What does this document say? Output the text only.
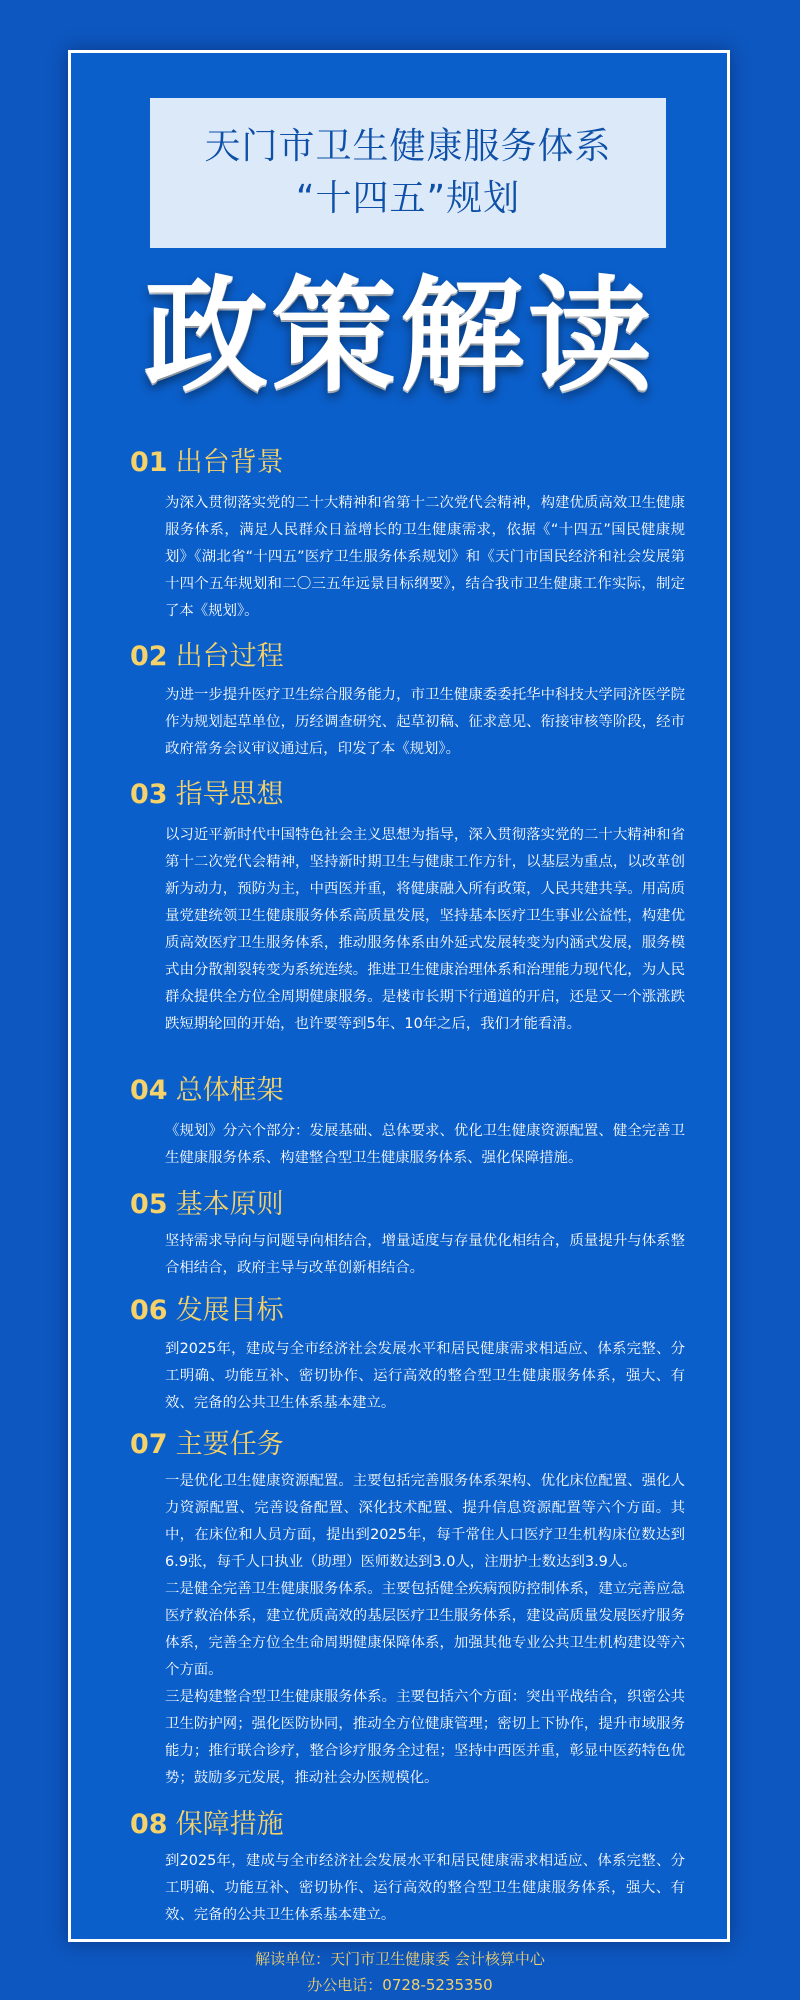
天门市卫生健康服务体系
“十四五”规划
政策解读
01 出台背景

为深入贯彻落实党的二十大精神和省第十二次党代会精神，构建优质高效卫生健康服务体系，满足人民群众日益增长的卫生健康需求，依据《“十四五”国民健康规划》《湖北省“十四五”医疗卫生服务体系规划》和《天门市国民经济和社会发展第十四个五年规划和二〇三五年远景目标纲要》，结合我市卫生健康工作实际，制定了本《规划》。

02 出台过程

为进一步提升医疗卫生综合服务能力，市卫生健康委委托华中科技大学同济医学院作为规划起草单位，历经调查研究、起草初稿、征求意见、衔接审核等阶段，经市政府常务会议审议通过后，印发了本《规划》。

03 指导思想

以习近平新时代中国特色社会主义思想为指导，深入贯彻落实党的二十大精神和省第十二次党代会精神，坚持新时期卫生与健康工作方针，以基层为重点，以改革创新为动力，预防为主，中西医并重，将健康融入所有政策，人民共建共享。用高质量党建统领卫生健康服务体系高质量发展，坚持基本医疗卫生事业公益性，构建优质高效医疗卫生服务体系，推动服务体系由外延式发展转变为内涵式发展，服务模式由分散割裂转变为系统连续。推进卫生健康治理体系和治理能力现代化，为人民群众提供全方位全周期健康服务。是楼市长期下行通道的开启，还是又一个涨涨跌跌短期轮回的开始，也许要等到5年、10年之后，我们才能看清。

04 总体框架

《规划》分六个部分：发展基础、总体要求、优化卫生健康资源配置、健全完善卫生健康服务体系、构建整合型卫生健康服务体系、强化保障措施。

05 基本原则

坚持需求导向与问题导向相结合，增量适度与存量优化相结合，质量提升与体系整合相结合，政府主导与改革创新相结合。

06 发展目标

到2025年，建成与全市经济社会发展水平和居民健康需求相适应、体系完整、分工明确、功能互补、密切协作、运行高效的整合型卫生健康服务体系，强大、有效、完备的公共卫生体系基本建立。

07 主要任务

一是优化卫生健康资源配置。主要包括完善服务体系架构、优化床位配置、强化人力资源配置、完善设备配置、深化技术配置、提升信息资源配置等六个方面。其中，在床位和人员方面，提出到2025年，每千常住人口医疗卫生机构床位数达到6.9张，每千人口执业（助理）医师数达到3.0人，注册护士数达到3.9人。

二是健全完善卫生健康服务体系。主要包括健全疾病预防控制体系，建立完善应急医疗救治体系，建立优质高效的基层医疗卫生服务体系，建设高质量发展医疗服务体系，完善全方位全生命周期健康保障体系，加强其他专业公共卫生机构建设等六个方面。

三是构建整合型卫生健康服务体系。主要包括六个方面：突出平战结合，织密公共卫生防护网；强化医防协同，推动全方位健康管理；密切上下协作，提升市域服务能力；推行联合诊疗，整合诊疗服务全过程；坚持中西医并重，彰显中医药特色优势；鼓励多元发展，推动社会办医规模化。

08 保障措施

到2025年，建成与全市经济社会发展水平和居民健康需求相适应、体系完整、分工明确、功能互补、密切协作、运行高效的整合型卫生健康服务体系，强大、有效、完备的公共卫生体系基本建立。

解读单位：天门市卫生健康委 会计核算中心
办公电话：0728-5235350
